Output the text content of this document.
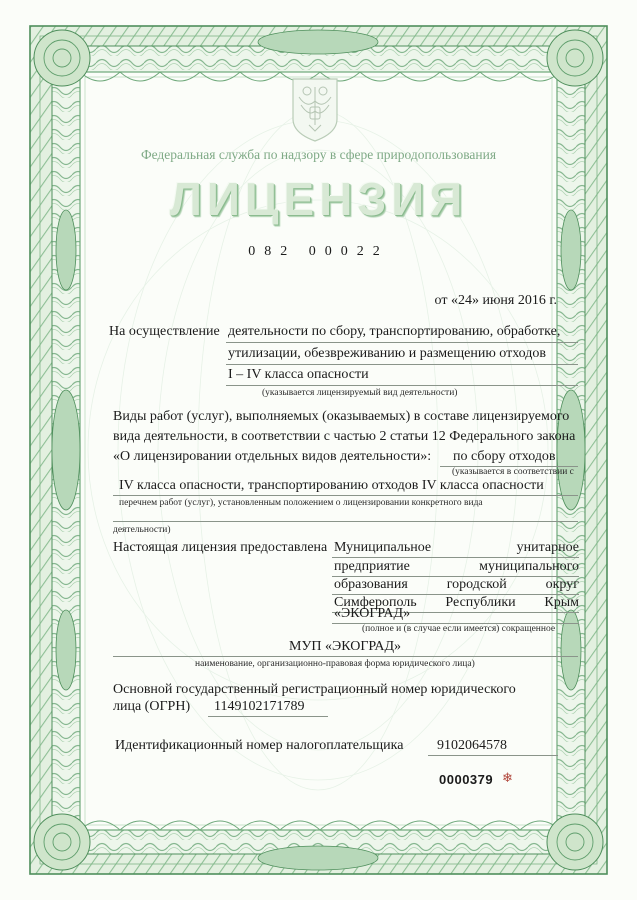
Федеральная служба по надзору в сфере природопользования
ЛИЦЕНЗИЯ
082 00022
от «24» июня 2016 г.
На осуществление деятельности по сбору, транспортированию, обработке,
утилизации, обезвреживанию и размещению отходов
I – IV класса опасности
(указывается лицензируемый вид деятельности)
Виды работ (услуг), выполняемых (оказываемых) в составе лицензируемого
вида деятельности, в соответствии с частью 2 статьи 12 Федерального закона
«О лицензировании отдельных видов деятельности»: по сбору отходов
(указывается в соответствии с
IV класса опасности, транспортированию отходов IV класса опасности
перечнем работ (услуг), установленным положением о лицензировании конкретного вида
деятельности)
Настоящая лицензия предоставлена Муниципальное унитарное
предприятие муниципального
образования городской округ
Симферополь Республики Крым
«ЭКОГРАД»
(полное и (в случае если имеется) сокращенное
МУП «ЭКОГРАД»
наименование, организационно-правовая форма юридического лица)
Основной государственный регистрационный номер юридического
лица (ОГРН) 1149102171789
Идентификационный номер налогоплательщика 9102064578
0000379 ❄
